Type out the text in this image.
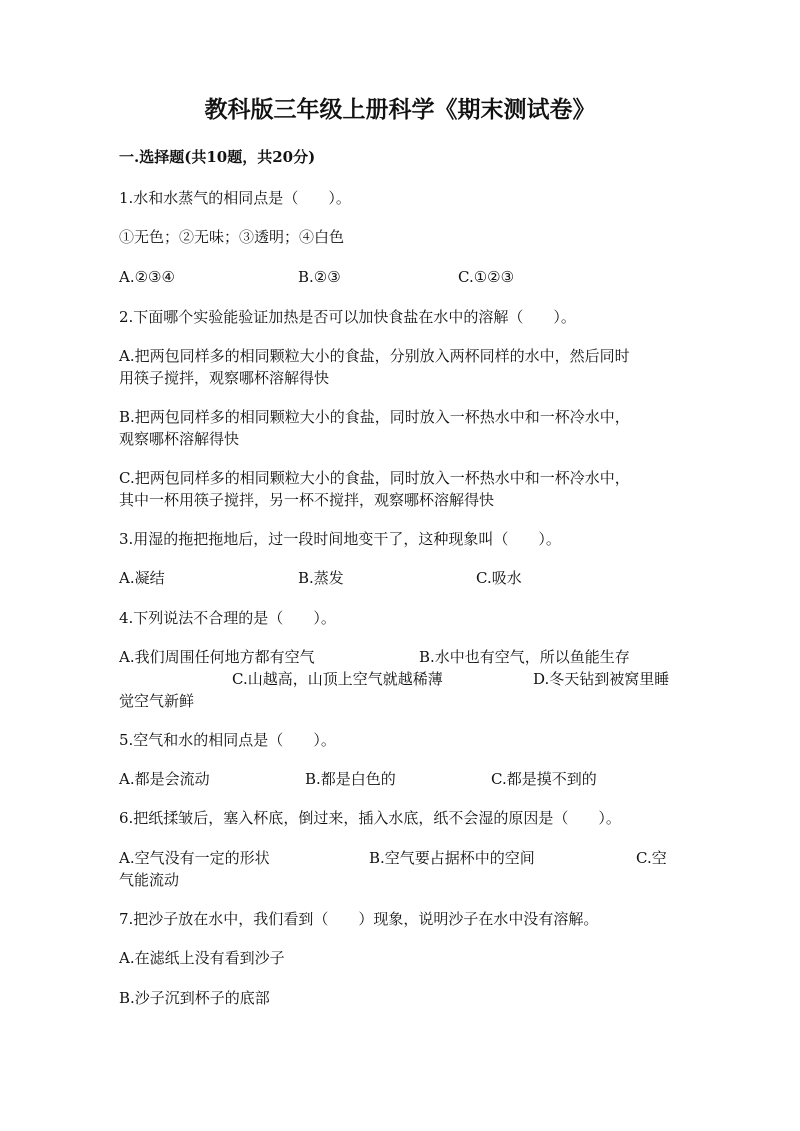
教科版三年级上册科学《期末测试卷》
一.选择题(共10题，共20分)
1.水和水蒸气的相同点是（　　）。
①无色；②无味；③透明；④白色
A.②③④	B.②③	C.①②③
2.下面哪个实验能验证加热是否可以加快食盐在水中的溶解（　　）。
A.把两包同样多的相同颗粒大小的食盐，分别放入两杯同样的水中，然后同时
用筷子搅拌，观察哪杯溶解得快
B.把两包同样多的相同颗粒大小的食盐，同时放入一杯热水中和一杯冷水中，
观察哪杯溶解得快
C.把两包同样多的相同颗粒大小的食盐，同时放入一杯热水中和一杯冷水中，
其中一杯用筷子搅拌，另一杯不搅拌，观察哪杯溶解得快
3.用湿的拖把拖地后，过一段时间地变干了，这种现象叫（　　）。
A.凝结	B.蒸发	C.吸水
4.下列说法不合理的是（　　）。
A.我们周围任何地方都有空气	B.水中也有空气，所以鱼能生存
C.山越高，山顶上空气就越稀薄	D.冬天钻到被窝里睡
觉空气新鲜
5.空气和水的相同点是（　　）。
A.都是会流动	B.都是白色的	C.都是摸不到的
6.把纸揉皱后，塞入杯底，倒过来，插入水底，纸不会湿的原因是（　　）。
A.空气没有一定的形状	B.空气要占据杯中的空间	C.空
气能流动
7.把沙子放在水中，我们看到（　　）现象，说明沙子在水中没有溶解。
A.在滤纸上没有看到沙子
B.沙子沉到杯子的底部
